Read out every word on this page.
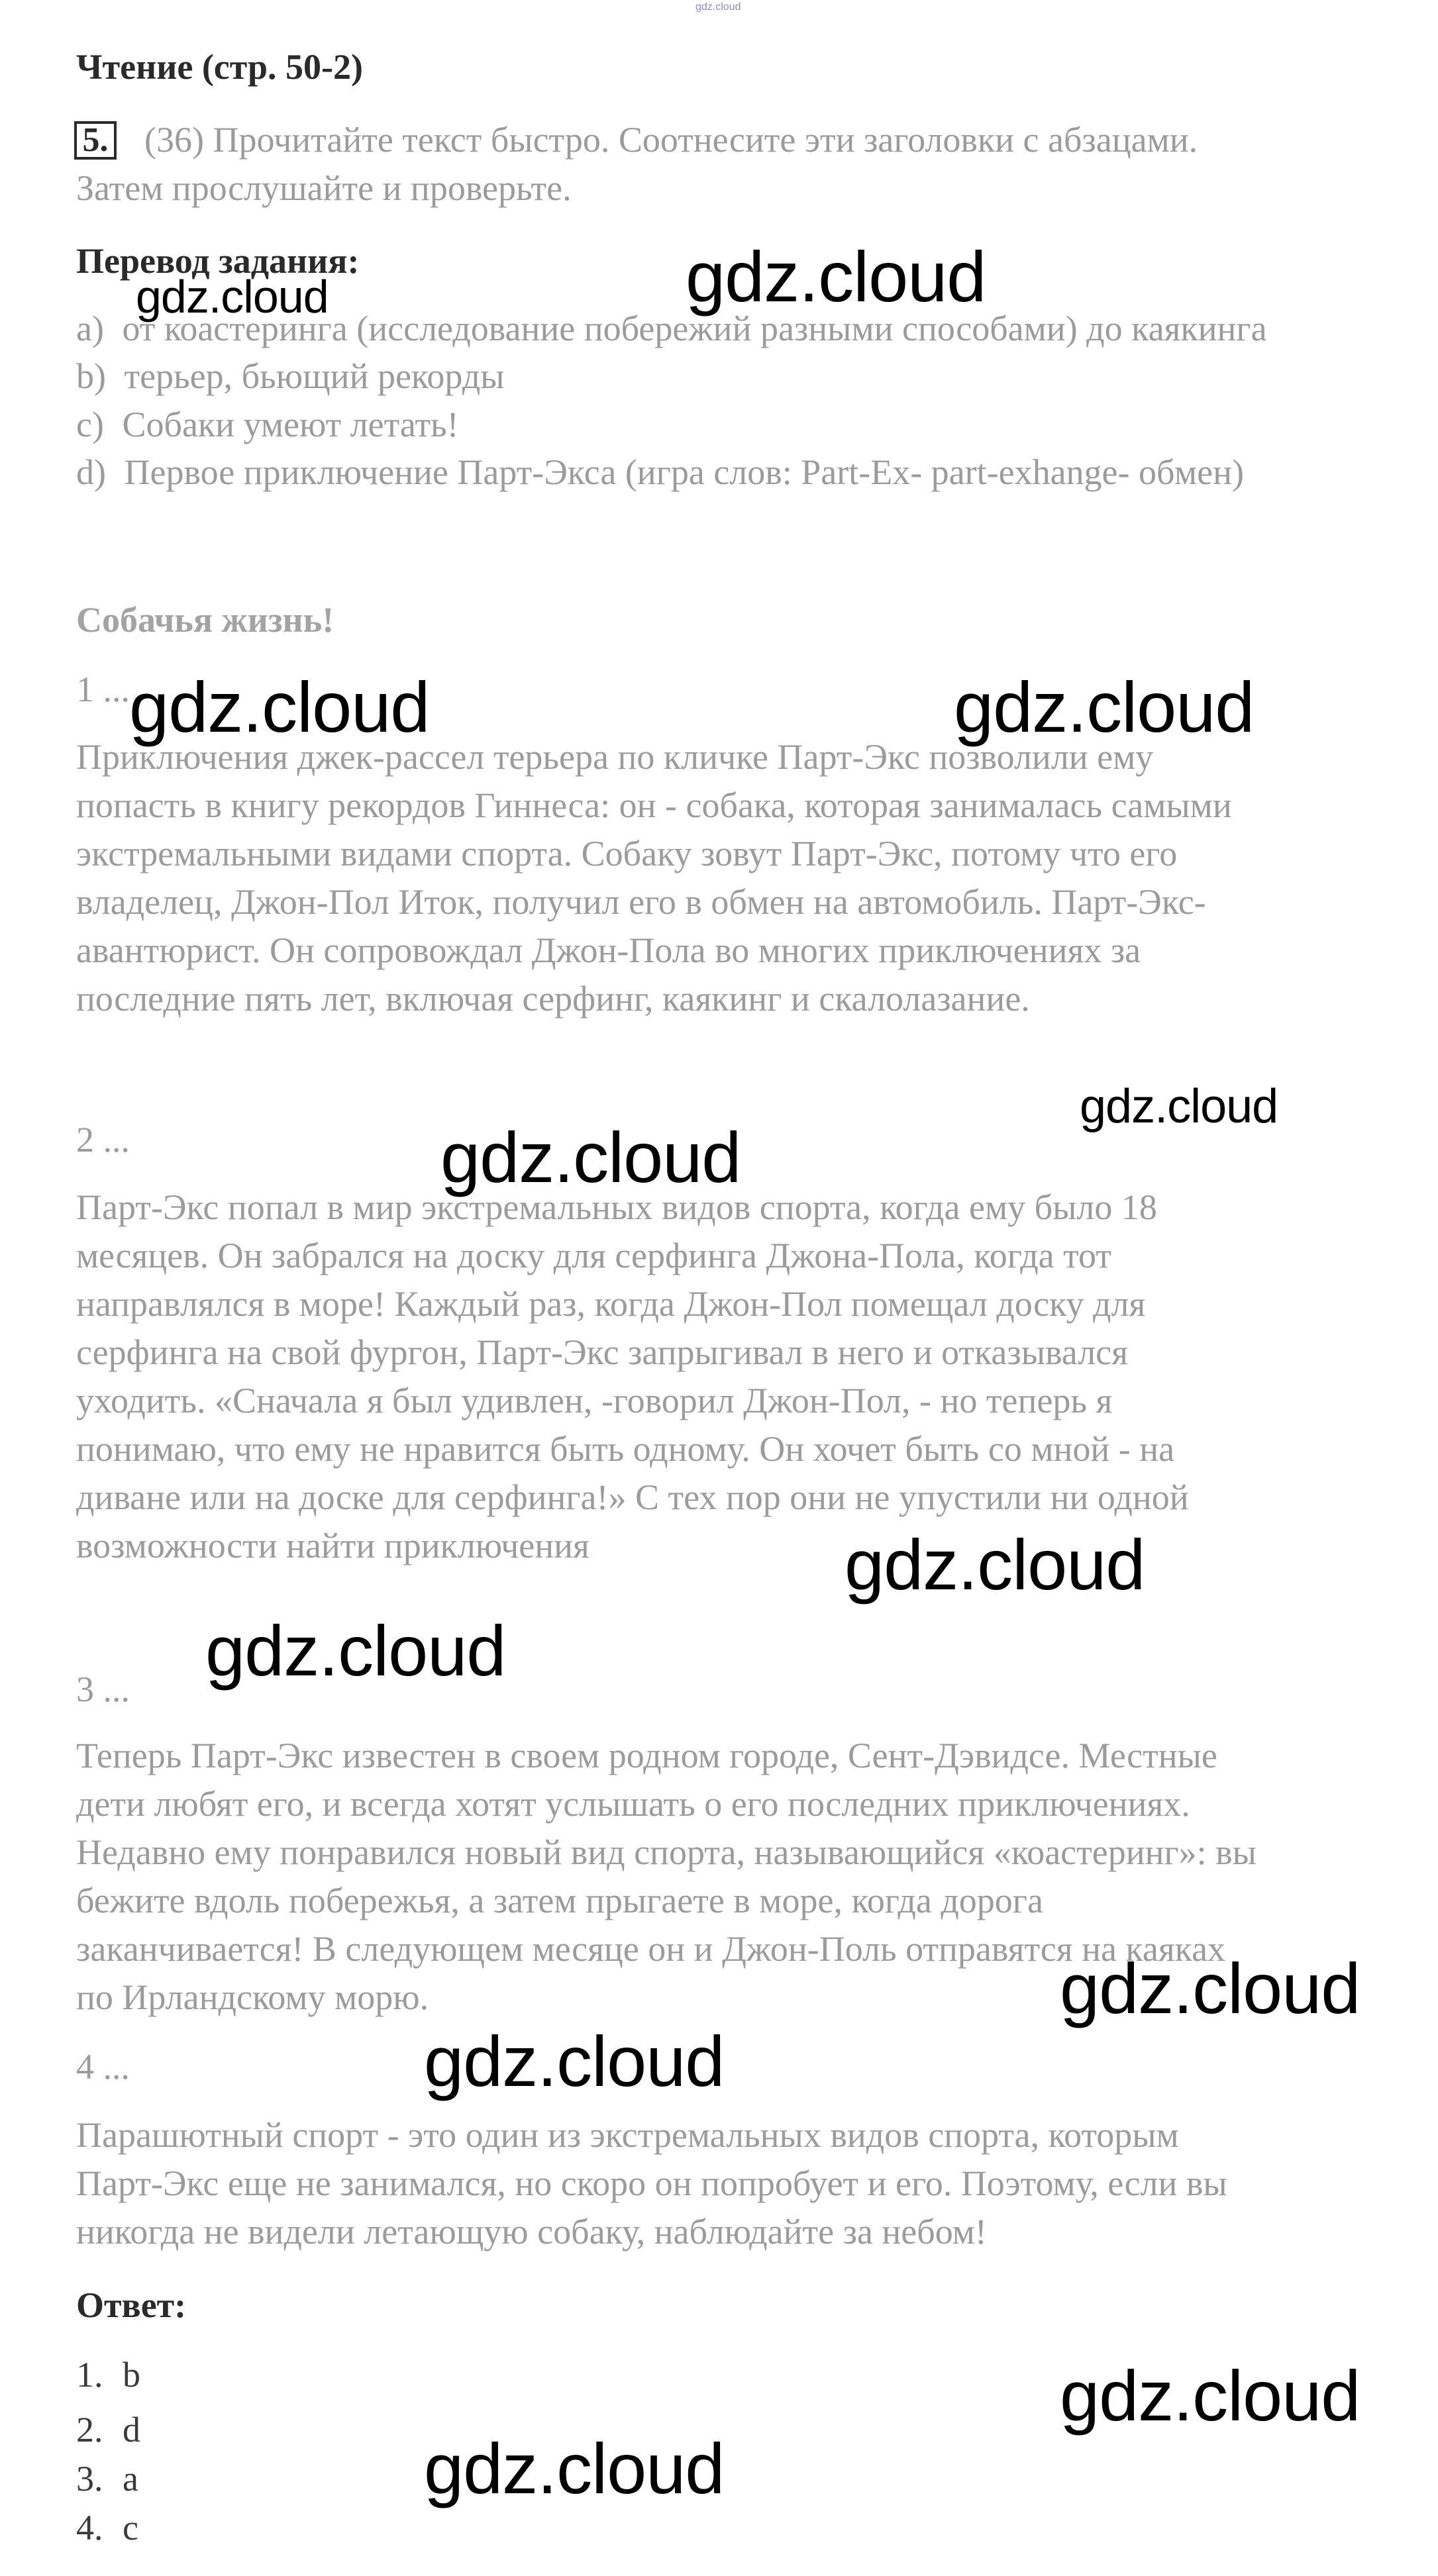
gdz.cloud
Чтение (стр. 50-2)
5. (36) Прочитайте текст быстро. Соотнесите эти заголовки с абзацами.
Затем прослушайте и проверьте.
Перевод задания:
a) от коастеринга (исследование побережий разными способами) до каякинга
b) терьер, бьющий рекорды
c) Собаки умеют летать!
d) Первое приключение Парт-Экса (игра слов: Part-Ex- part-exhange- обмен)
Собачья жизнь!
1 ...
Приключения джек-рассел терьера по кличке Парт-Экс позволили ему
попасть в книгу рекордов Гиннеса: он - собака, которая занималась самыми
экстремальными видами спорта. Собаку зовут Парт-Экс, потому что его
владелец, Джон-Пол Иток, получил его в обмен на автомобиль. Парт-Экс-
авантюрист. Он сопровождал Джон-Пола во многих приключениях за
последние пять лет, включая серфинг, каякинг и скалолазание.
2 ...
Парт-Экс попал в мир экстремальных видов спорта, когда ему было 18
месяцев. Он забрался на доску для серфинга Джона-Пола, когда тот
направлялся в море! Каждый раз, когда Джон-Пол помещал доску для
серфинга на свой фургон, Парт-Экс запрыгивал в него и отказывался
уходить. «Сначала я был удивлен, -говорил Джон-Пол, - но теперь я
понимаю, что ему не нравится быть одному. Он хочет быть со мной - на
диване или на доске для серфинга!» С тех пор они не упустили ни одной
возможности найти приключения
3 ...
Теперь Парт-Экс известен в своем родном городе, Сент-Дэвидсе. Местные
дети любят его, и всегда хотят услышать о его последних приключениях.
Недавно ему понравился новый вид спорта, называющийся «коастеринг»: вы
бежите вдоль побережья, а затем прыгаете в море, когда дорога
заканчивается! В следующем месяце он и Джон-Поль отправятся на каяках
по Ирландскому морю.
4 ...
Парашютный спорт - это один из экстремальных видов спорта, которым
Парт-Экс еще не занимался, но скоро он попробует и его. Поэтому, если вы
никогда не видели летающую собаку, наблюдайте за небом!
Ответ:
1. b
2. d
3. a
4. c
gdz.cloud
gdz.cloud
gdz.cloud	gdz.cloud
gdz.cloud
gdz.cloud
gdz.cloud
gdz.cloud
gdz.cloud
gdz.cloud
gdz.cloud
gdz.cloud
